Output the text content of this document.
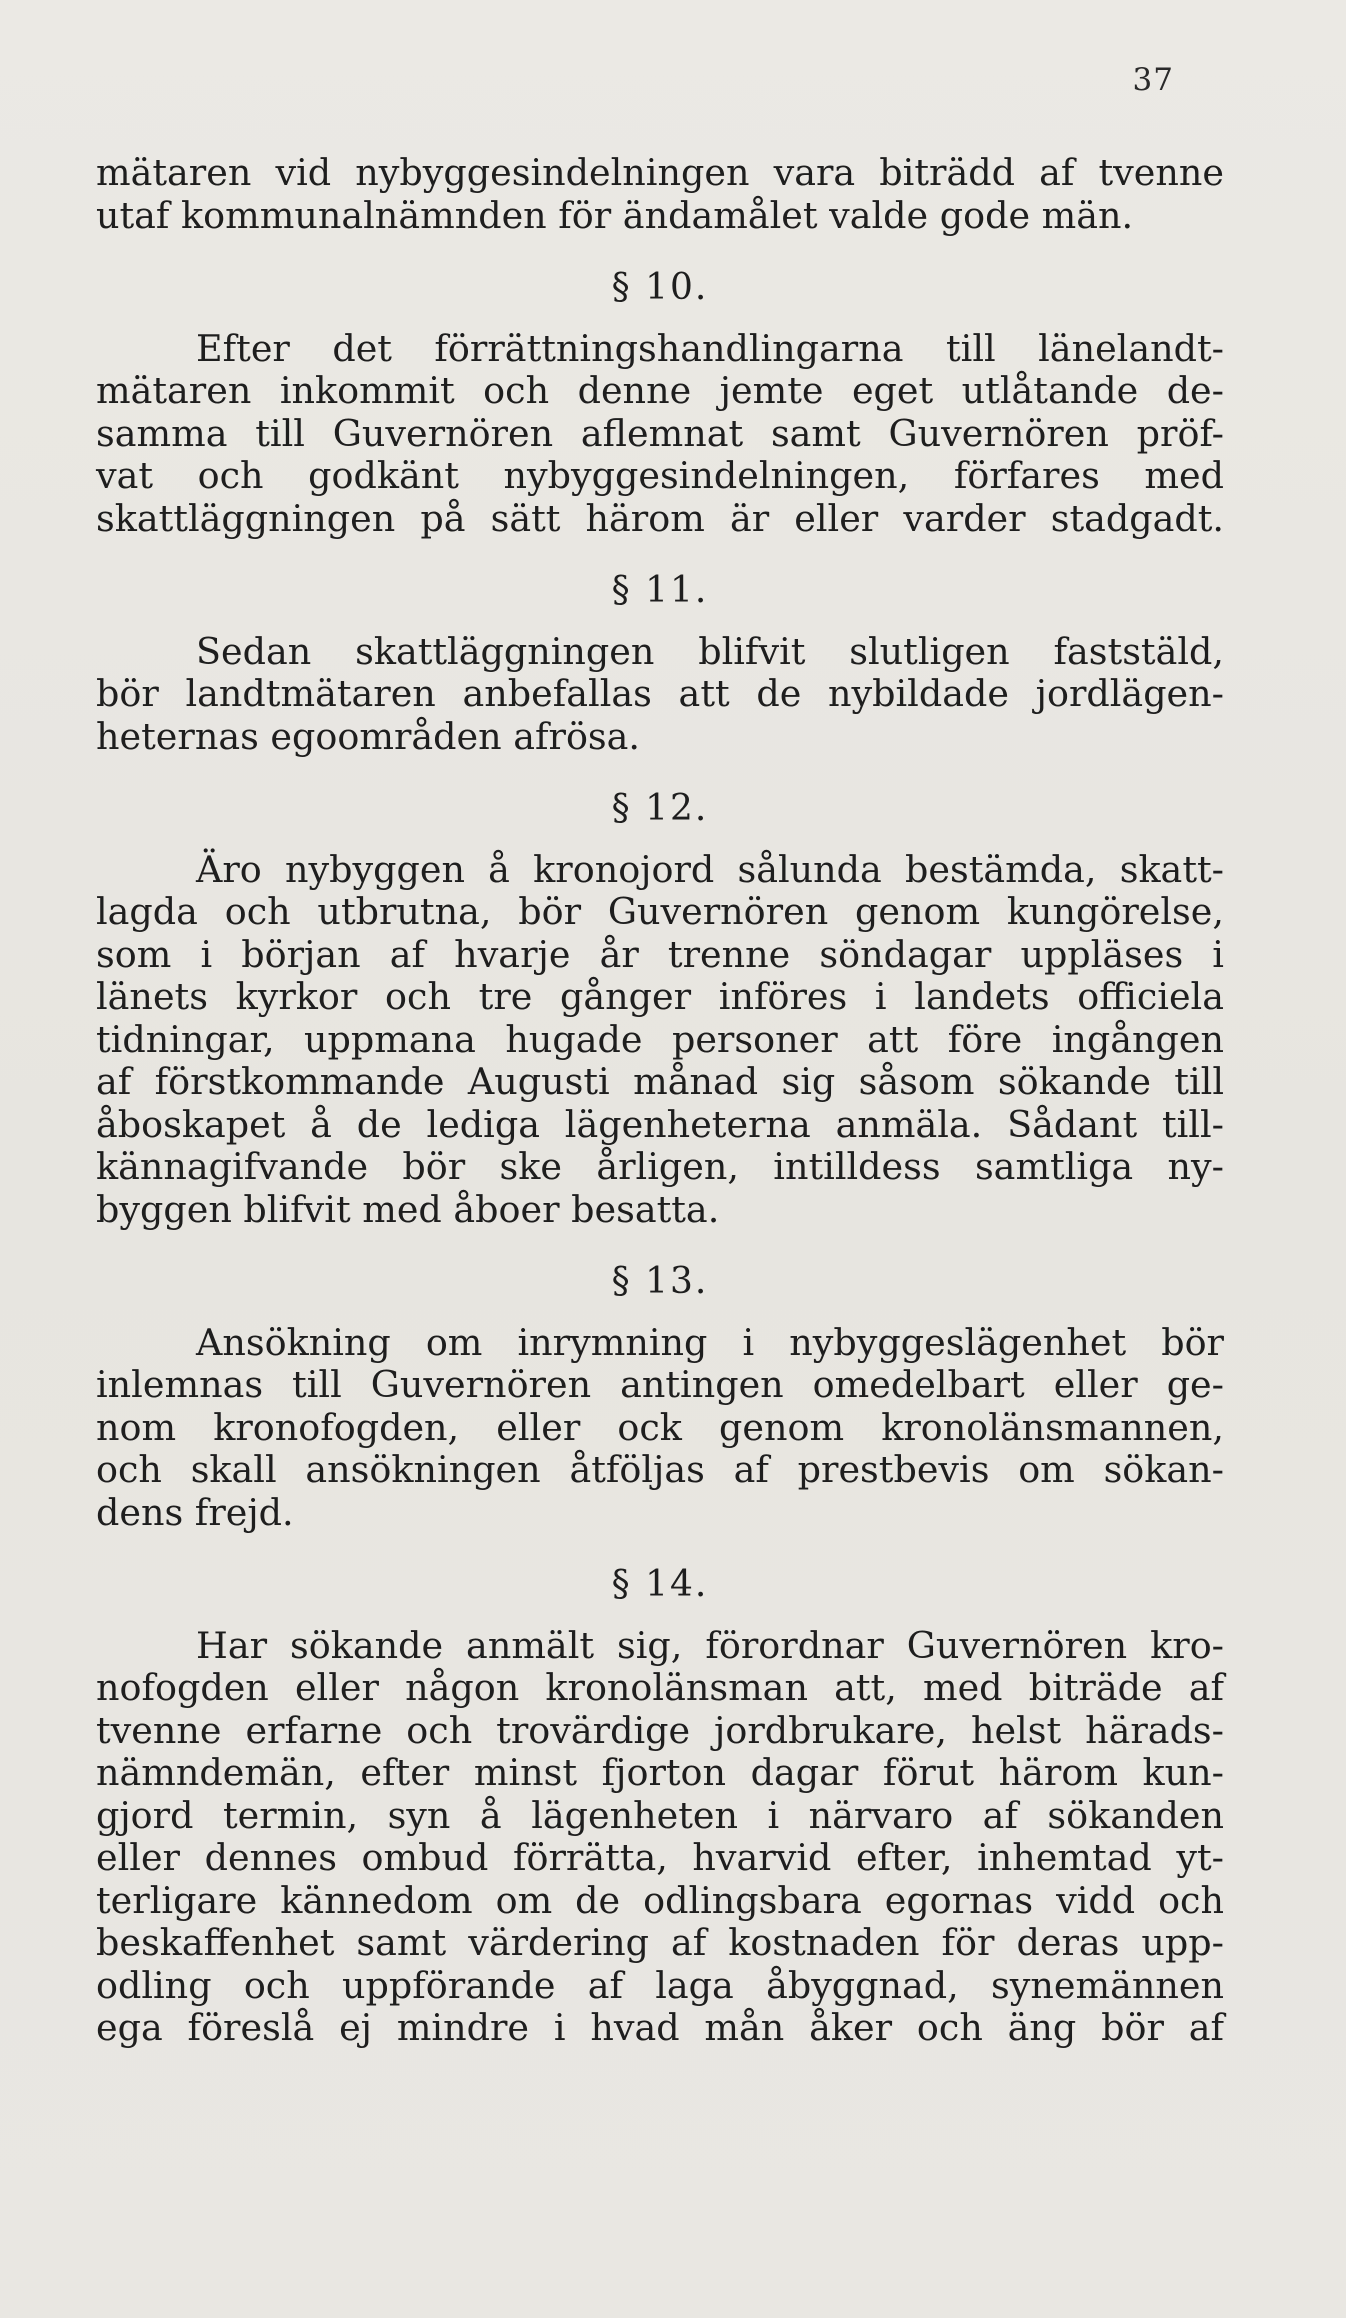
37
mätaren vid nybyggesindelningen vara biträdd af tvenne
utaf kommunalnämnden för ändamålet valde gode män.
§ 10.
Efter det förrättningshandlingarna till länelandt-
mätaren inkommit och denne jemte eget utlåtande de-
samma till Guvernören aflemnat samt Guvernören pröf-
vat och godkänt nybyggesindelningen, förfares med
skattläggningen på sätt härom är eller varder stadgadt.
§ 11.
Sedan skattläggningen blifvit slutligen faststäld,
bör landtmätaren anbefallas att de nybildade jordlägen-
heternas egoområden afrösa.
§ 12.
Äro nybyggen å kronojord sålunda bestämda, skatt-
lagda och utbrutna, bör Guvernören genom kungörelse,
som i början af hvarje år trenne söndagar uppläses i
länets kyrkor och tre gånger införes i landets officiela
tidningar, uppmana hugade personer att före ingången
af förstkommande Augusti månad sig såsom sökande till
åboskapet å de lediga lägenheterna anmäla. Sådant till-
kännagifvande bör ske årligen, intilldess samtliga ny-
byggen blifvit med åboer besatta.
§ 13.
Ansökning om inrymning i nybyggeslägenhet bör
inlemnas till Guvernören antingen omedelbart eller ge-
nom kronofogden, eller ock genom kronolänsmannen,
och skall ansökningen åtföljas af prestbevis om sökan-
dens frejd.
§ 14.
Har sökande anmält sig, förordnar Guvernören kro-
nofogden eller någon kronolänsman att, med biträde af
tvenne erfarne och trovärdige jordbrukare, helst härads-
nämndemän, efter minst fjorton dagar förut härom kun-
gjord termin, syn å lägenheten i närvaro af sökanden
eller dennes ombud förrätta, hvarvid efter, inhemtad yt-
terligare kännedom om de odlingsbara egornas vidd och
beskaffenhet samt värdering af kostnaden för deras upp-
odling och uppförande af laga åbyggnad, synemännen
ega föreslå ej mindre i hvad mån åker och äng bör af
